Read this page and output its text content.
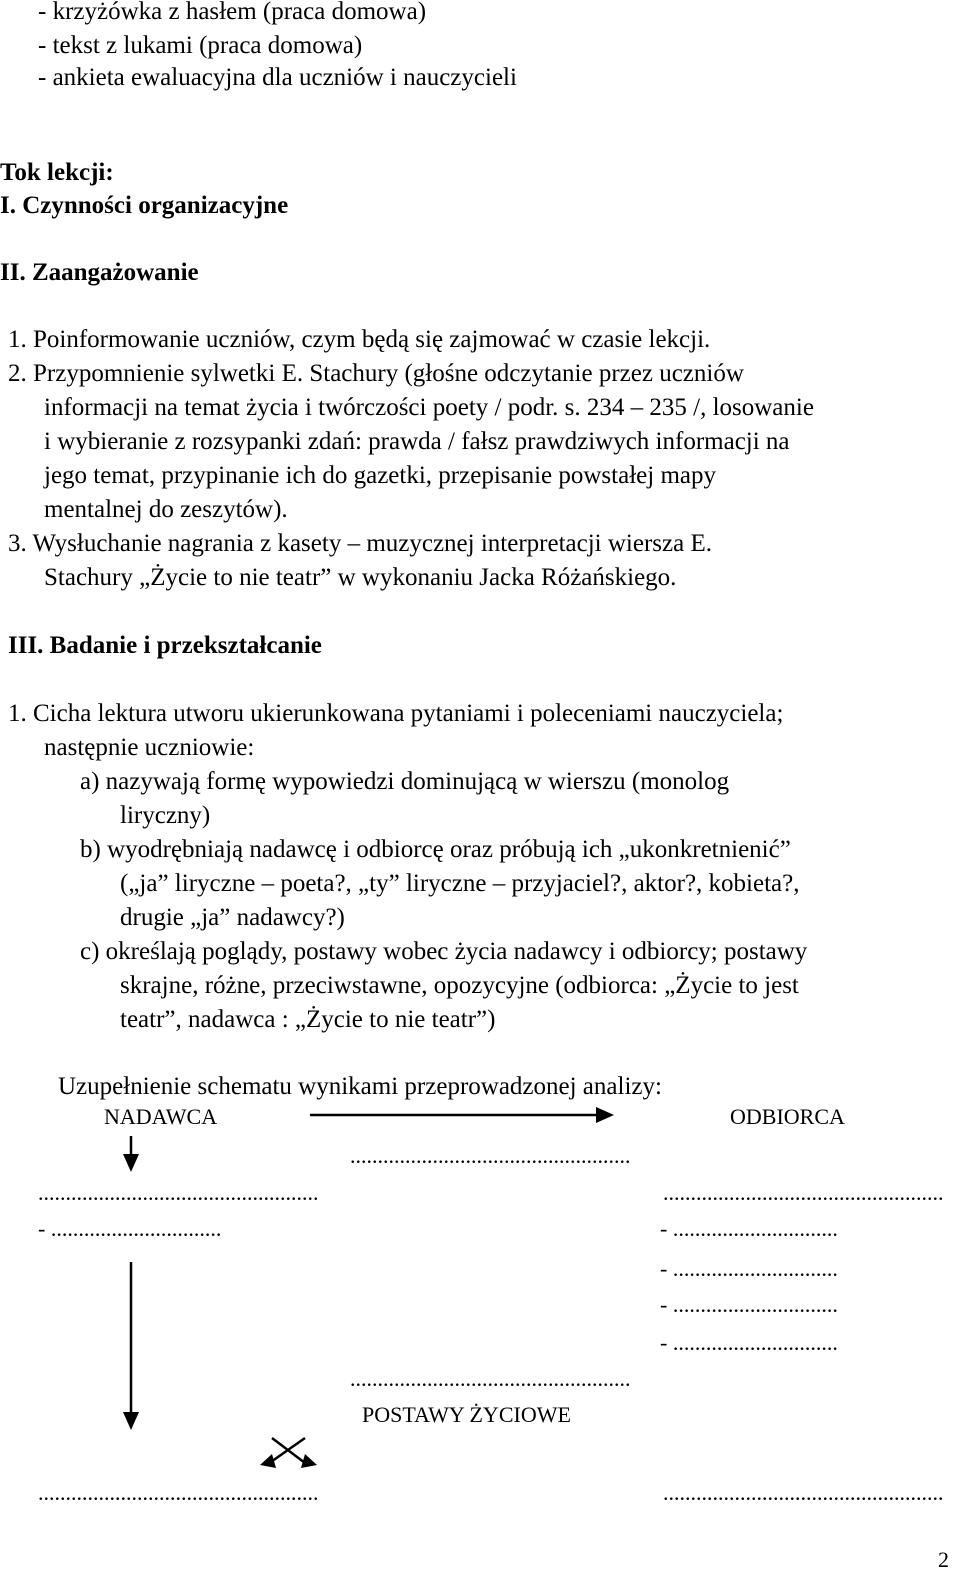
- krzyżówka z hasłem (praca domowa)
- tekst z lukami (praca domowa)
- ankieta ewaluacyjna dla uczniów i nauczycieli
Tok lekcji:
I. Czynności organizacyjne
II. Zaangażowanie
1. Poinformowanie uczniów, czym będą się zajmować w czasie lekcji.
2. Przypomnienie sylwetki E. Stachury (głośne odczytanie przez uczniów
informacji na temat życia i twórczości poety / podr. s. 234 – 235 /, losowanie
i wybieranie z rozsypanki zdań: prawda / fałsz prawdziwych informacji na
jego temat, przypinanie ich do gazetki, przepisanie powstałej mapy
mentalnej do zeszytów).
3. Wysłuchanie nagrania z kasety – muzycznej interpretacji wiersza E.
Stachury „Życie to nie teatr” w wykonaniu Jacka Różańskiego.
III. Badanie i przekształcanie
1. Cicha lektura utworu ukierunkowana pytaniami i poleceniami nauczyciela;
następnie uczniowie:
a) nazywają formę wypowiedzi dominującą w wierszu (monolog
liryczny)
b) wyodrębniają nadawcę i odbiorcę oraz próbują ich „ukonkretnienić”
(„ja” liryczne – poeta?, „ty” liryczne – przyjaciel?, aktor?, kobieta?,
drugie „ja” nadawcy?)
c) określają poglądy, postawy wobec życia nadawcy i odbiorcy; postawy
skrajne, różne, przeciwstawne, opozycyjne (odbiorca: „Życie to jest
teatr”, nadawca : „Życie to nie teatr”)
Uzupełnienie schematu wynikami przeprowadzonej analizy:
NADAWCA	ODBIORCA
...................................................
...................................................
- ...............................
...................................................
- ..............................
- ..............................
- ..............................
- ..............................
...................................................
POSTAWY ŻYCIOWE
...................................................	...................................................
2
